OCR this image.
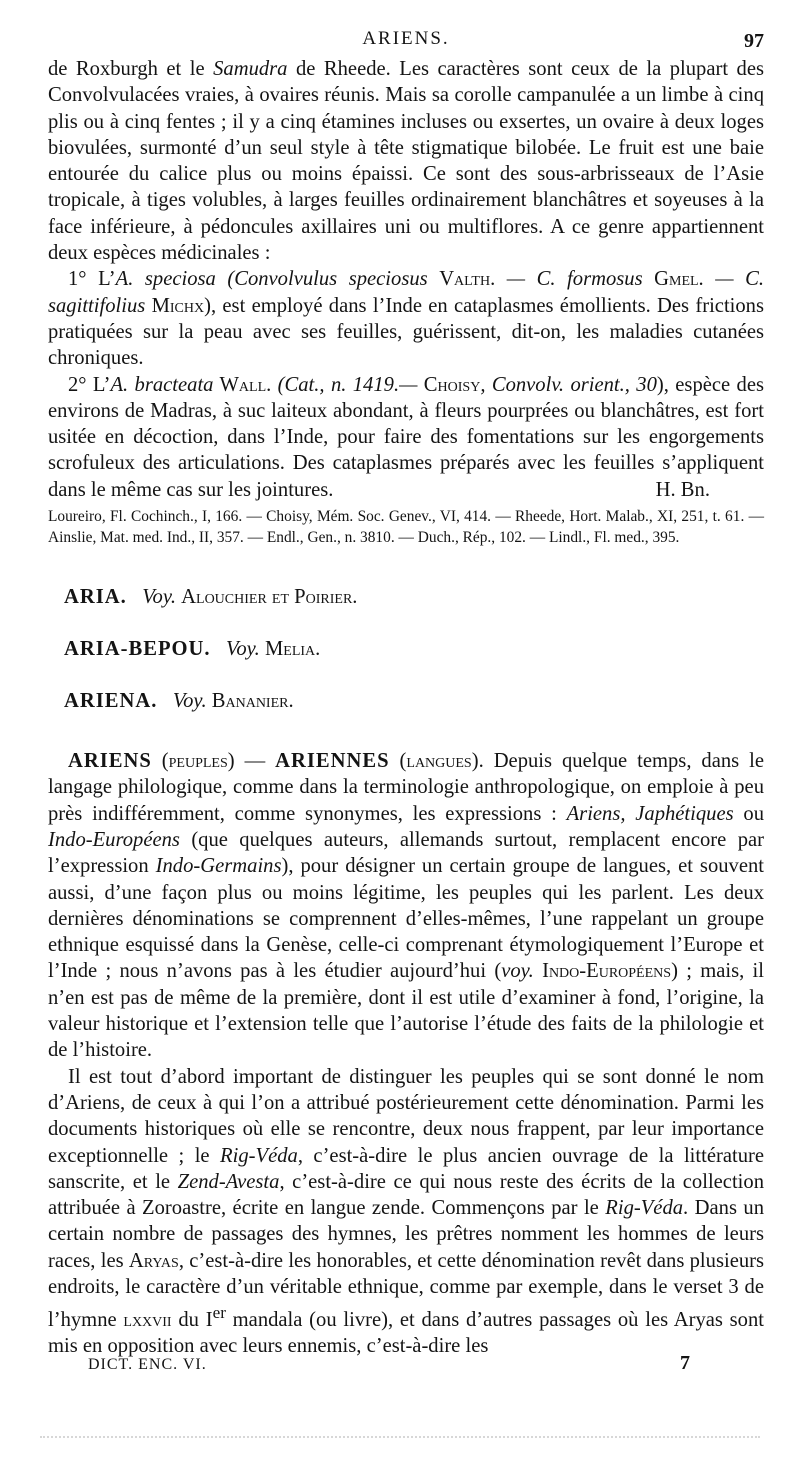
ARIENS.	97

de Roxburgh et le Samudra de Rheede. Les caractères sont ceux de la plupart des Convolvulacées vraies, à ovaires réunis. Mais sa corolle campanulée a un limbe à cinq plis ou à cinq fentes ; il y a cinq étamines incluses ou exsertes, un ovaire à deux loges biovulées, surmonté d’un seul style à tête stigmatique bilobée. Le fruit est une baie entourée du calice plus ou moins épaissi. Ce sont des sous-arbrisseaux de l’Asie tropicale, à tiges volubles, à larges feuilles ordinairement blanchâtres et soyeuses à la face inférieure, à pédoncules axillaires uni ou multiflores. A ce genre appartiennent deux espèces médicinales :

1° L’A. speciosa (Convolvulus speciosus Valth. — C. formosus Gmel. — C. sagittifolius Michx), est employé dans l’Inde en cataplasmes émollients. Des frictions pratiquées sur la peau avec ses feuilles, guérissent, dit-on, les maladies cutanées chroniques.

2° L’A. bracteata Wall. (Cat., n. 1419.— Choisy, Convolv. orient., 30), espèce des environs de Madras, à suc laiteux abondant, à fleurs pourprées ou blanchâtres, est fort usitée en décoction, dans l’Inde, pour faire des fomentations sur les engorgements scrofuleux des articulations. Des cataplasmes préparés avec les feuilles s’appliquent dans le même cas sur les jointures.	H. Bn.

Loureiro, Fl. Cochinch., I, 166. — Choisy, Mém. Soc. Genev., VI, 414. — Rheede, Hort. Malab., XI, 251, t. 61. — Ainslie, Mat. med. Ind., II, 357. — Endl., Gen., n. 3810. — Duch., Rép., 102. — Lindl., Fl. med., 395.

ARIA. Voy. Alouchier et Poirier.

ARIA-BEPOU. Voy. Melia.

ARIENA. Voy. Bananier.

ARIENS (peuples) — ARIENNES (langues). Depuis quelque temps, dans le langage philologique, comme dans la terminologie anthropologique, on emploie à peu près indifféremment, comme synonymes, les expressions : Ariens, Japhétiques ou Indo-Européens (que quelques auteurs, allemands surtout, remplacent encore par l’expression Indo-Germains), pour désigner un certain groupe de langues, et souvent aussi, d’une façon plus ou moins légitime, les peuples qui les parlent. Les deux dernières dénominations se comprennent d’elles-mêmes, l’une rappelant un groupe ethnique esquissé dans la Genèse, celle-ci comprenant étymologiquement l’Europe et l’Inde ; nous n’avons pas à les étudier aujourd’hui (voy. Indo-Européens) ; mais, il n’en est pas de même de la première, dont il est utile d’examiner à fond, l’origine, la valeur historique et l’extension telle que l’autorise l’étude des faits de la philologie et de l’histoire.

Il est tout d’abord important de distinguer les peuples qui se sont donné le nom d’Ariens, de ceux à qui l’on a attribué postérieurement cette dénomination. Parmi les documents historiques où elle se rencontre, deux nous frappent, par leur importance exceptionnelle ; le Rig-Véda, c’est-à-dire le plus ancien ouvrage de la littérature sanscrite, et le Zend-Avesta, c’est-à-dire ce qui nous reste des écrits de la collection attribuée à Zoroastre, écrite en langue zende. Commençons par le Rig-Véda. Dans un certain nombre de passages des hymnes, les prêtres nomment les hommes de leurs races, les Aryas, c’est-à-dire les honorables, et cette dénomination revêt dans plusieurs endroits, le caractère d’un véritable ethnique, comme par exemple, dans le verset 3 de l’hymne lxxvii du Ier mandala (ou livre), et dans d’autres passages où les Aryas sont mis en opposition avec leurs ennemis, c’est-à-dire les

DICT. ENC. VI.	7
